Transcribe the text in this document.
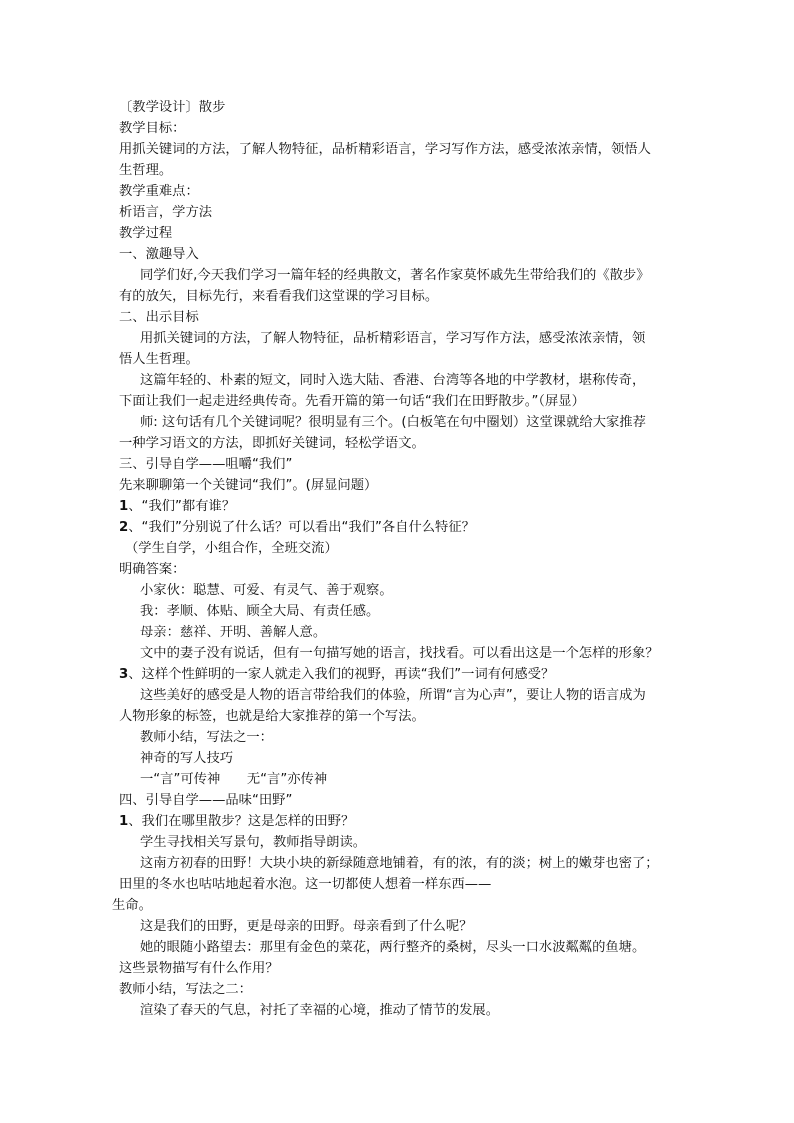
〔教学设计〕散步
教学目标：
用抓关键词的方法，了解人物特征，品析精彩语言，学习写作方法，感受浓浓亲情，领悟人
生哲理。
教学重难点：
析语言，学方法
教学过程
一、激趣导入
同学们好,今天我们学习一篇年轻的经典散文，著名作家莫怀戚先生带给我们的《散步》
有的放矢，目标先行，来看看我们这堂课的学习目标。
二、出示目标
用抓关键词的方法，了解人物特征，品析精彩语言，学习写作方法，感受浓浓亲情，领
悟人生哲理。
这篇年轻的、朴素的短文，同时入选大陆、香港、台湾等各地的中学教材，堪称传奇，
下面让我们一起走进经典传奇。先看开篇的第一句话“我们在田野散步。”（屏显）
师: 这句话有几个关键词呢？很明显有三个。(白板笔在句中圈划）这堂课就给大家推荐
一种学习语文的方法，即抓好关键词，轻松学语文。
三、引导自学——咀嚼“我们”
先来聊聊第一个关键词“我们”。(屏显问题）
1、“我们”都有谁？
2、“我们”分别说了什么话？可以看出“我们”各自什么特征？
（学生自学，小组合作，全班交流）
明确答案：
小家伙：聪慧、可爱、有灵气、善于观察。
我：孝顺、体贴、顾全大局、有责任感。
母亲：慈祥、开明、善解人意。
文中的妻子没有说话，但有一句描写她的语言，找找看。可以看出这是一个怎样的形象？
3、这样个性鲜明的一家人就走入我们的视野，再读“我们”一词有何感受？
这些美好的感受是人物的语言带给我们的体验，所谓“言为心声”，要让人物的语言成为
人物形象的标签，也就是给大家推荐的第一个写法。
教师小结，写法之一：
神奇的写人技巧
一“言”可传神　　无“言”亦传神
四、引导自学——品味“田野”
1、我们在哪里散步？这是怎样的田野？
学生寻找相关写景句，教师指导朗读。
这南方初春的田野！大块小块的新绿随意地铺着，有的浓，有的淡；树上的嫩芽也密了；
田里的冬水也咕咕地起着水泡。这一切都使人想着一样东西——
生命。
这是我们的田野，更是母亲的田野。母亲看到了什么呢？
她的眼随小路望去：那里有金色的菜花，两行整齐的桑树，尽头一口水波粼粼的鱼塘。
这些景物描写有什么作用？
教师小结，写法之二：
渲染了春天的气息，衬托了幸福的心境，推动了情节的发展。
